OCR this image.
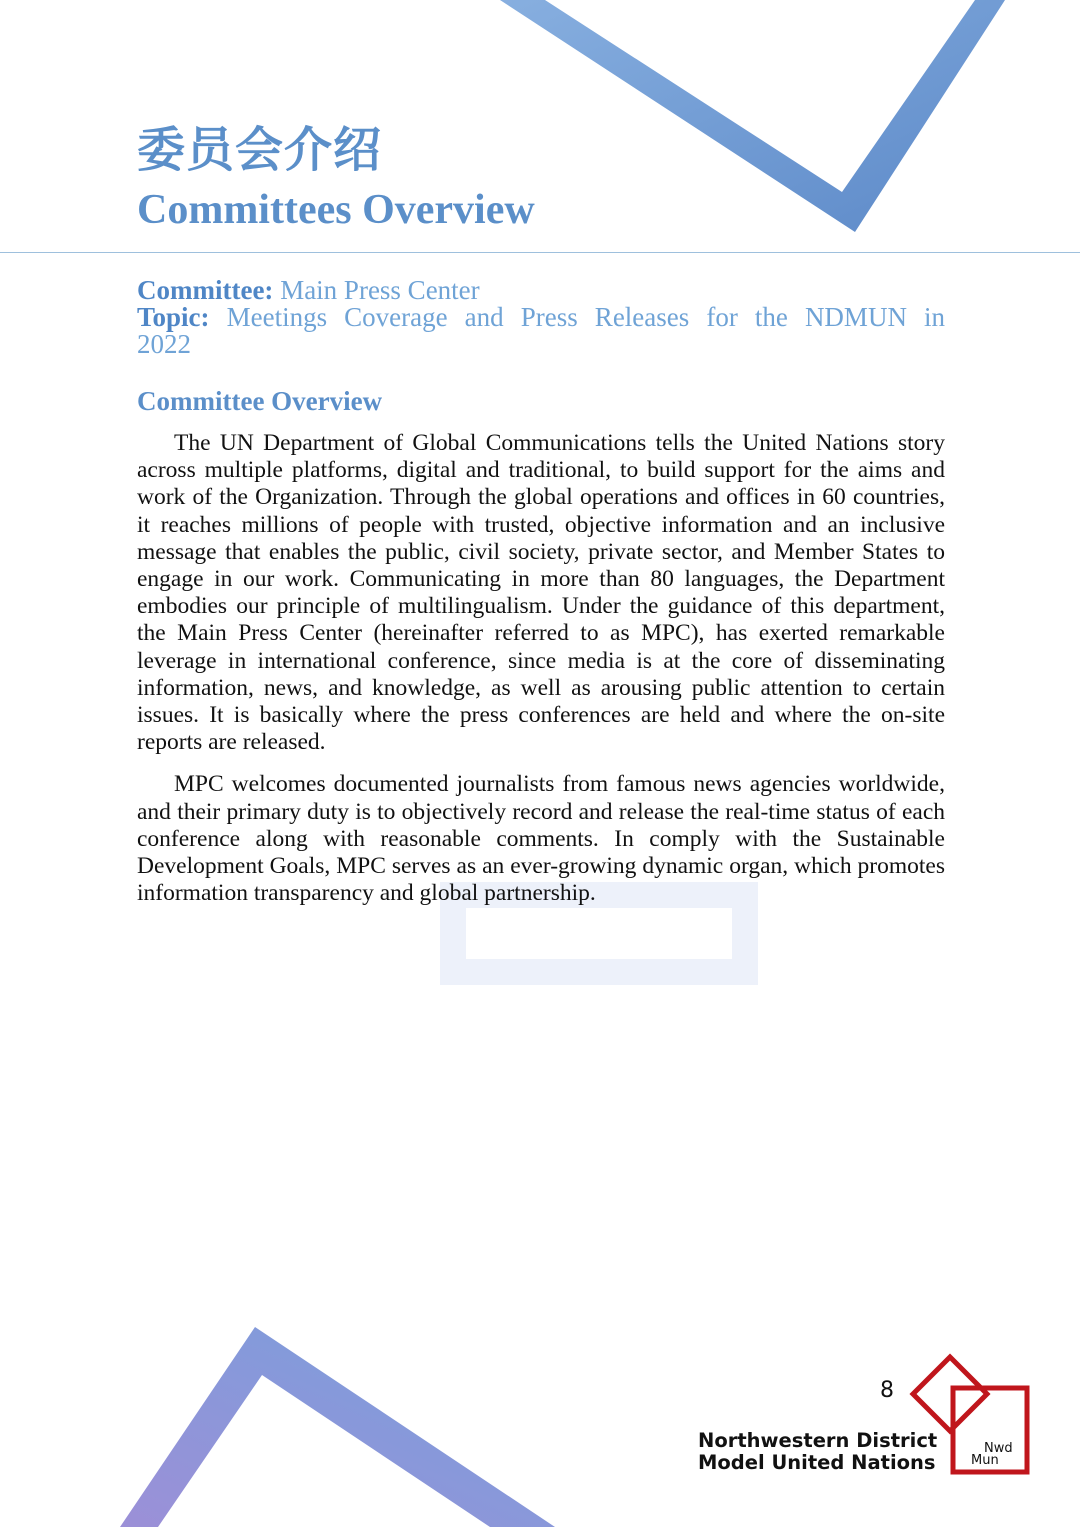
委员会介绍
Committees Overview
Committee: Main Press Center
Topic: Meetings Coverage and Press Releases for the NDMUN in
2022
Committee Overview

The UN Department of Global Communications tells the United Nations story across multiple platforms, digital and traditional, to build support for the aims and work of the Organization. Through the global operations and offices in 60 countries, it reaches millions of people with trusted, objective information and an inclusive message that enables the public, civil society, private sector, and Member States to engage in our work. Communicating in more than 80 languages, the Department embodies our principle of multilingualism. Under the guidance of this department, the Main Press Center (hereinafter referred to as MPC), has exerted remarkable leverage in international conference, since media is at the core of disseminating information, news, and knowledge, as well as arousing public attention to certain issues. It is basically where the press conferences are held and where the on-site reports are released.

MPC welcomes documented journalists from famous news agencies worldwide, and their primary duty is to objectively record and release the real-time status of each conference along with reasonable comments. In comply with the Sustainable Development Goals, MPC serves as an ever-growing dynamic organ, which promotes information transparency and global partnership.

8
Northwestern District
Model United Nations
Nwd
Mun
